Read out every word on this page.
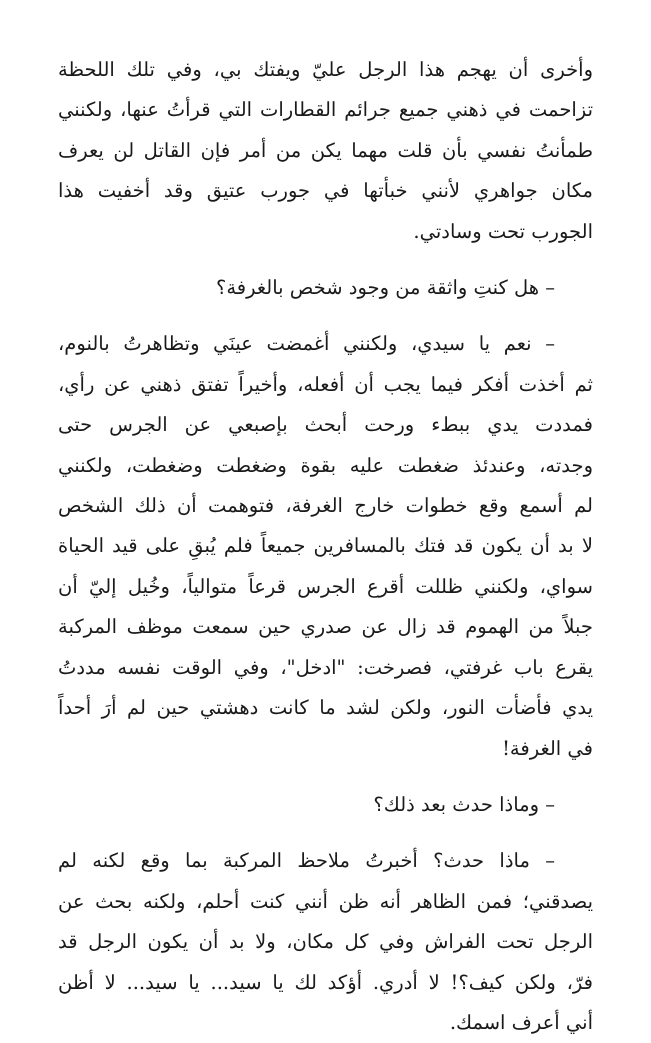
وأخرى أن يهجم هذا الرجل عليّ ويفتك بي، وفي تلك اللحظة
تزاحمت في ذهني جميع جرائم القطارات التي قرأتُ عنها، ولكنني
طمأنتُ نفسي بأن قلت مهما يكن من أمر فإن القاتل لن يعرف
مكان جواهري لأنني خبأتها في جورب عتيق وقد أخفيت هذا
الجورب تحت وسادتي.
– هل كنتِ واثقة من وجود شخص بالغرفة؟
– نعم يا سيدي، ولكنني أغمضت عينَي وتظاهرتُ بالنوم،
ثم أخذت أفكر فيما يجب أن أفعله، وأخيراً تفتق ذهني عن رأي،
فمددت يدي ببطء ورحت أبحث بإصبعي عن الجرس حتى
وجدته، وعندئذ ضغطت عليه بقوة وضغطت وضغطت، ولكنني
لم أسمع وقع خطوات خارج الغرفة، فتوهمت أن ذلك الشخص
لا بد أن يكون قد فتك بالمسافرين جميعاً فلم يُبقِ على قيد الحياة
سواي، ولكنني ظللت أقرع الجرس قرعاً متوالياً، وخُيل إليّ أن
جبلاً من الهموم قد زال عن صدري حين سمعت موظف المركبة
يقرع باب غرفتي، فصرخت: "ادخل"، وفي الوقت نفسه مددتُ
يدي فأضأت النور، ولكن لشد ما كانت دهشتي حين لم أرَ أحداً
في الغرفة!
– وماذا حدث بعد ذلك؟
– ماذا حدث؟ أخبرتُ ملاحظ المركبة بما وقع لكنه لم
يصدقني؛ فمن الظاهر أنه ظن أنني كنت أحلم، ولكنه بحث عن
الرجل تحت الفراش وفي كل مكان، ولا بد أن يكون الرجل قد
فرّ، ولكن كيف؟! لا أدري. أؤكد لك يا سيد... يا سيد... لا أظن
أني أعرف اسمك.
